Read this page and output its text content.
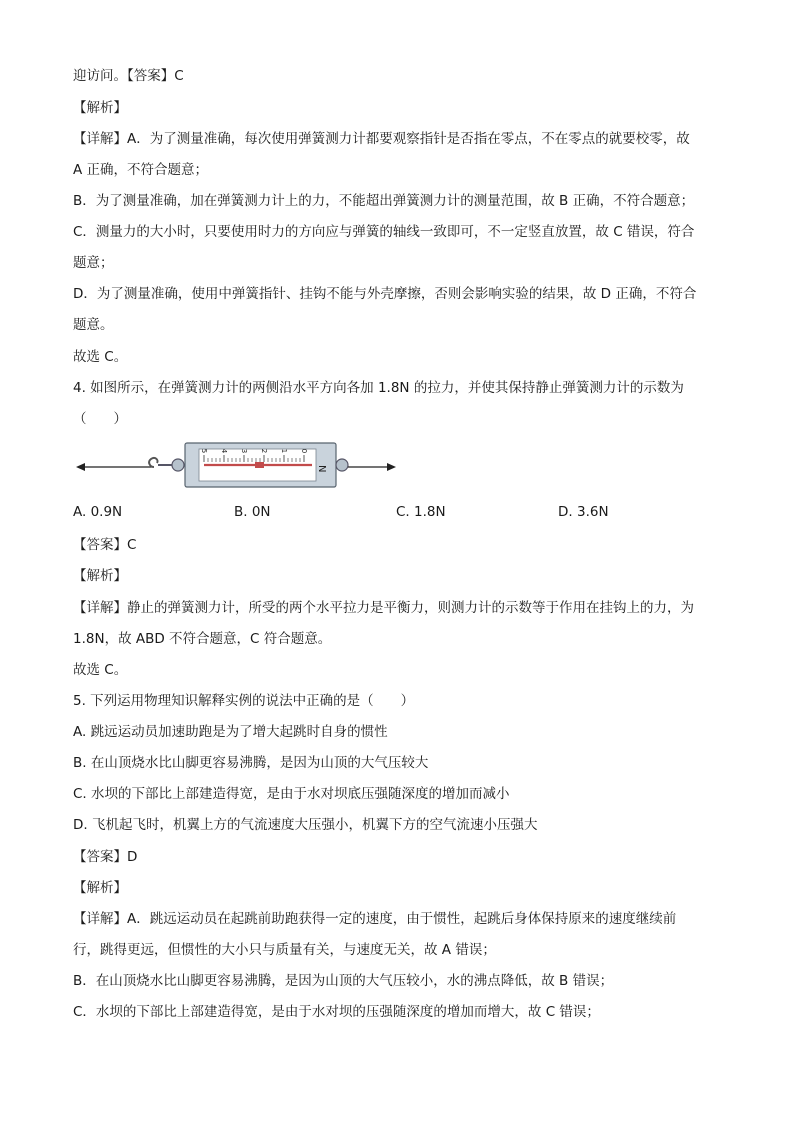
迎访问。【答案】C
【解析】
【详解】A．为了测量准确，每次使用弹簧测力计都要观察指针是否指在零点，不在零点的就要校零，故
A 正确，不符合题意；
B．为了测量准确，加在弹簧测力计上的力，不能超出弹簧测力计的测量范围，故 B 正确，不符合题意；
C．测量力的大小时，只要使用时力的方向应与弹簧的轴线一致即可，不一定竖直放置，故 C 错误，符合
题意；
D．为了测量准确，使用中弹簧指针、挂钩不能与外壳摩擦，否则会影响实验的结果，故 D 正确，不符合
题意。
故选 C。
4. 如图所示，在弹簧测力计的两侧沿水平方向各加 1.8N 的拉力，并使其保持静止弹簧测力计的示数为
（　　）
5 4 3 2 1 0
N
A. 0.9N	B. 0N	C. 1.8N	D. 3.6N
【答案】C
【解析】
【详解】静止的弹簧测力计，所受的两个水平拉力是平衡力，则测力计的示数等于作用在挂钩上的力，为
1.8N，故 ABD 不符合题意，C 符合题意。
故选 C。
5. 下列运用物理知识解释实例的说法中正确的是（　　）
A. 跳远运动员加速助跑是为了增大起跳时自身的惯性
B. 在山顶烧水比山脚更容易沸腾，是因为山顶的大气压较大
C. 水坝的下部比上部建造得宽，是由于水对坝底压强随深度的增加而减小
D. 飞机起飞时，机翼上方的气流速度大压强小，机翼下方的空气流速小压强大
【答案】D
【解析】
【详解】A．跳远运动员在起跳前助跑获得一定的速度，由于惯性，起跳后身体保持原来的速度继续前
行，跳得更远，但惯性的大小只与质量有关，与速度无关，故 A 错误；
B．在山顶烧水比山脚更容易沸腾，是因为山顶的大气压较小，水的沸点降低，故 B 错误；
C．水坝的下部比上部建造得宽，是由于水对坝的压强随深度的增加而增大，故 C 错误；
